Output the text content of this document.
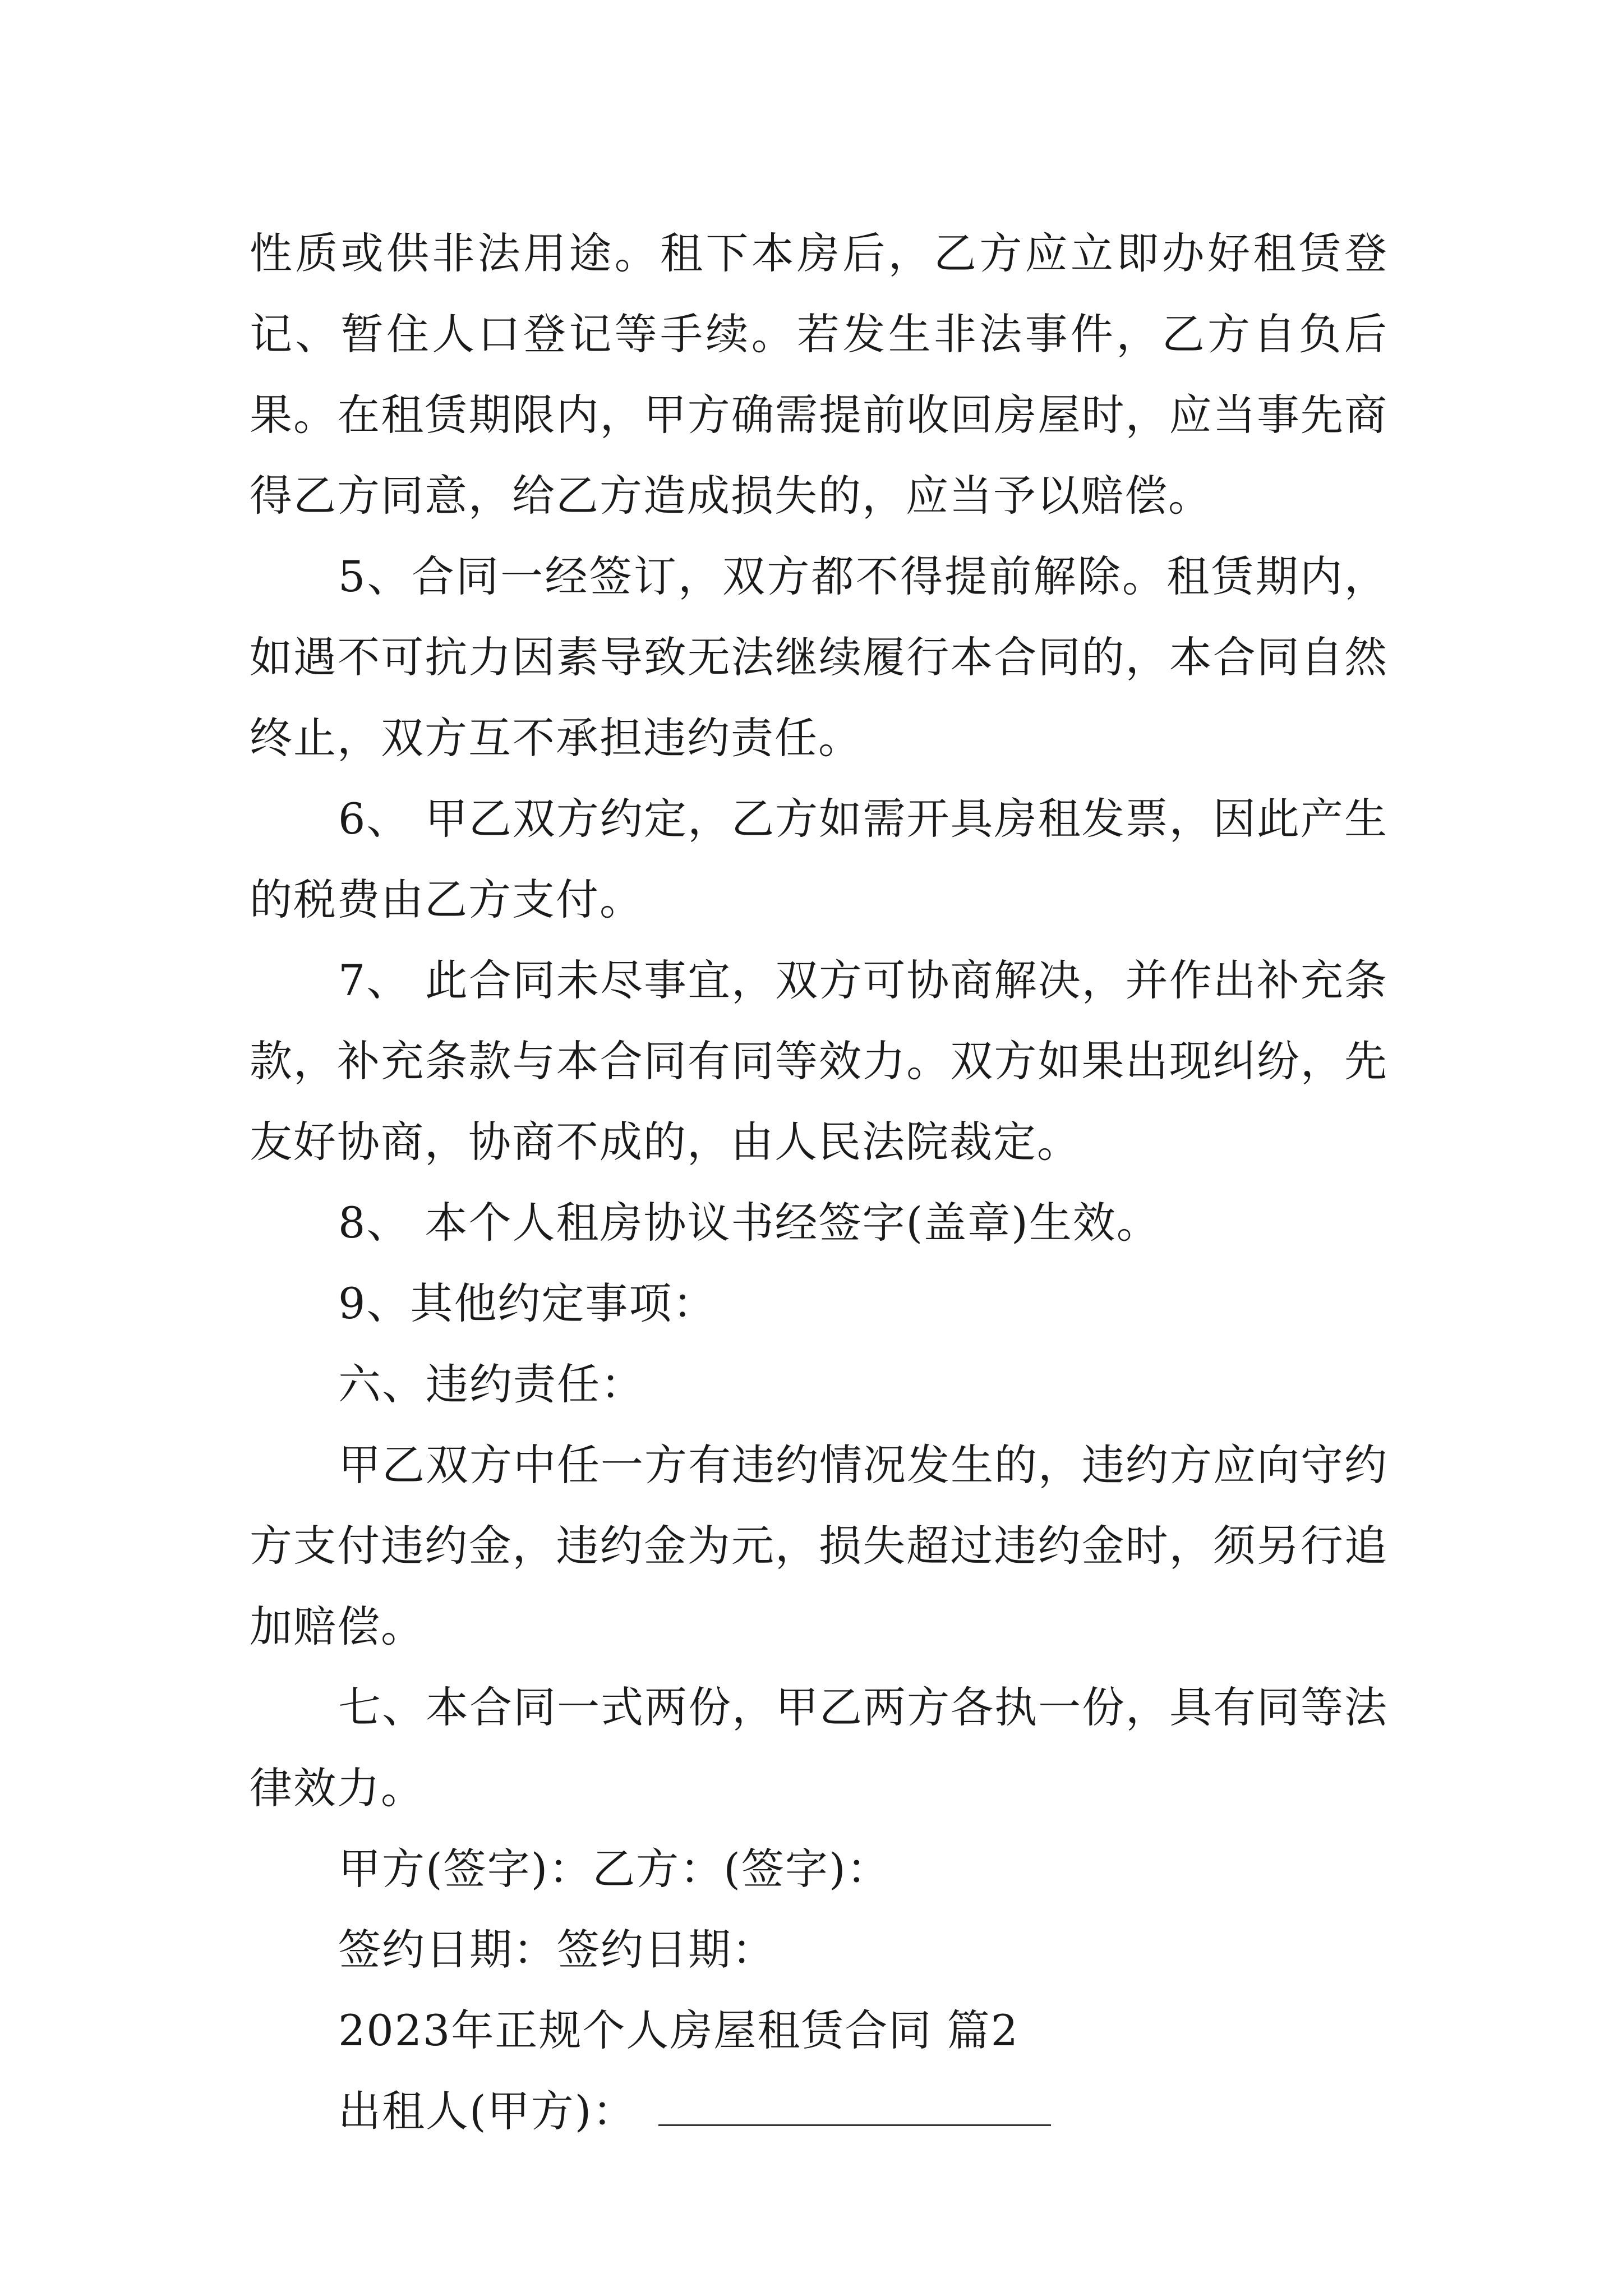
性质或供非法用途。租下本房后，乙方应立即办好租赁登记、暂住人口登记等手续。若发生非法事件，乙方自负后果。在租赁期限内，甲方确需提前收回房屋时，应当事先商得乙方同意，给乙方造成损失的，应当予以赔偿。

5、合同一经签订，双方都不得提前解除。租赁期内，如遇不可抗力因素导致无法继续履行本合同的，本合同自然终止，双方互不承担违约责任。

6、 甲乙双方约定，乙方如需开具房租发票，因此产生的税费由乙方支付。

7、 此合同未尽事宜，双方可协商解决，并作出补充条款，补充条款与本合同有同等效力。双方如果出现纠纷，先友好协商，协商不成的，由人民法院裁定。

8、 本个人租房协议书经签字(盖章)生效。

9、其他约定事项：

六、违约责任：

甲乙双方中任一方有违约情况发生的，违约方应向守约方支付违约金，违约金为元，损失超过违约金时，须另行追加赔偿。

七、本合同一式两份，甲乙两方各执一份，具有同等法律效力。

甲方(签字)：乙方：(签字)：

签约日期：签约日期：

2023年正规个人房屋租赁合同 篇2

出租人(甲方)：
